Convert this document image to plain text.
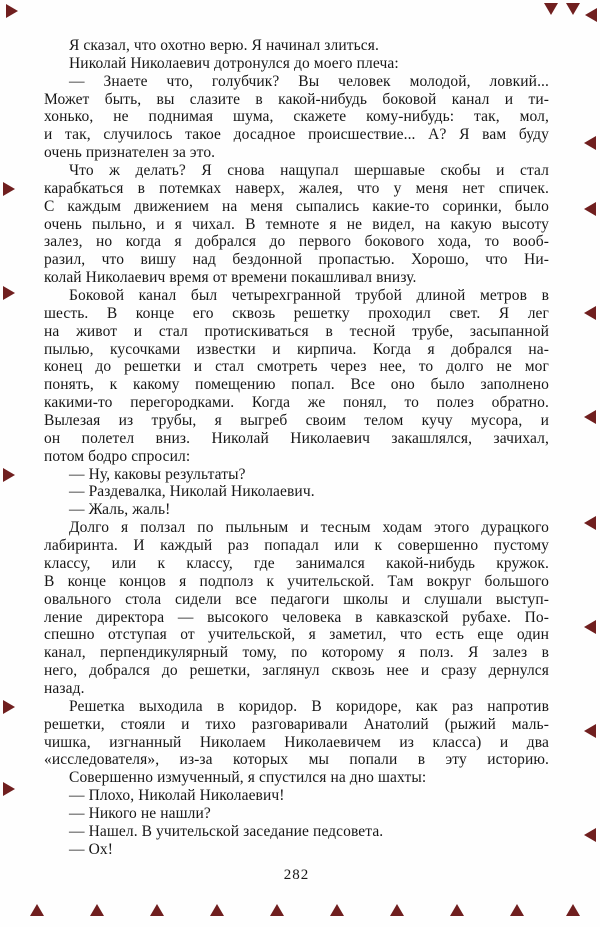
Я сказал, что охотно верю. Я начинал злиться.
Николай Николаевич дотронулся до моего плеча:
— Знаете что, голубчик? Вы человек молодой, ловкий...
Может быть, вы слазите в какой-нибудь боковой канал и ти-
хонько, не поднимая шума, скажете кому-нибудь: так, мол,
и так, случилось такое досадное происшествие... А? Я вам буду
очень признателен за это.
Что ж делать? Я снова нащупал шершавые скобы и стал
карабкаться в потемках наверх, жалея, что у меня нет спичек.
С каждым движением на меня сыпались какие-то соринки, было
очень пыльно, и я чихал. В темноте я не видел, на какую высоту
залез, но когда я добрался до первого бокового хода, то вооб-
разил, что вишу над бездонной пропастью. Хорошо, что Ни-
колай Николаевич время от времени покашливал внизу.
Боковой канал был четырехгранной трубой длиной метров в
шесть. В конце его сквозь решетку проходил свет. Я лег
на живот и стал протискиваться в тесной трубе, засыпанной
пылью, кусочками известки и кирпича. Когда я добрался на-
конец до решетки и стал смотреть через нее, то долго не мог
понять, к какому помещению попал. Все оно было заполнено
какими-то перегородками. Когда же понял, то полез обратно.
Вылезая из трубы, я выгреб своим телом кучу мусора, и
он полетел вниз. Николай Николаевич закашлялся, зачихал,
потом бодро спросил:
— Ну, каковы результаты?
— Раздевалка, Николай Николаевич.
— Жаль, жаль!
Долго я ползал по пыльным и тесным ходам этого дурацкого
лабиринта. И каждый раз попадал или к совершенно пустому
классу, или к классу, где занимался какой-нибудь кружок.
В конце концов я подполз к учительской. Там вокруг большого
овального стола сидели все педагоги школы и слушали выступ-
ление директора — высокого человека в кавказской рубахе. По-
спешно отступая от учительской, я заметил, что есть еще один
канал, перпендикулярный тому, по которому я полз. Я залез в
него, добрался до решетки, заглянул сквозь нее и сразу дернулся
назад.
Решетка выходила в коридор. В коридоре, как раз напротив
решетки, стояли и тихо разговаривали Анатолий (рыжий маль-
чишка, изгнанный Николаем Николаевичем из класса) и два
«исследователя», из-за которых мы попали в эту историю.
Совершенно измученный, я спустился на дно шахты:
— Плохо, Николай Николаевич!
— Никого не нашли?
— Нашел. В учительской заседание педсовета.
— Ох!
282
